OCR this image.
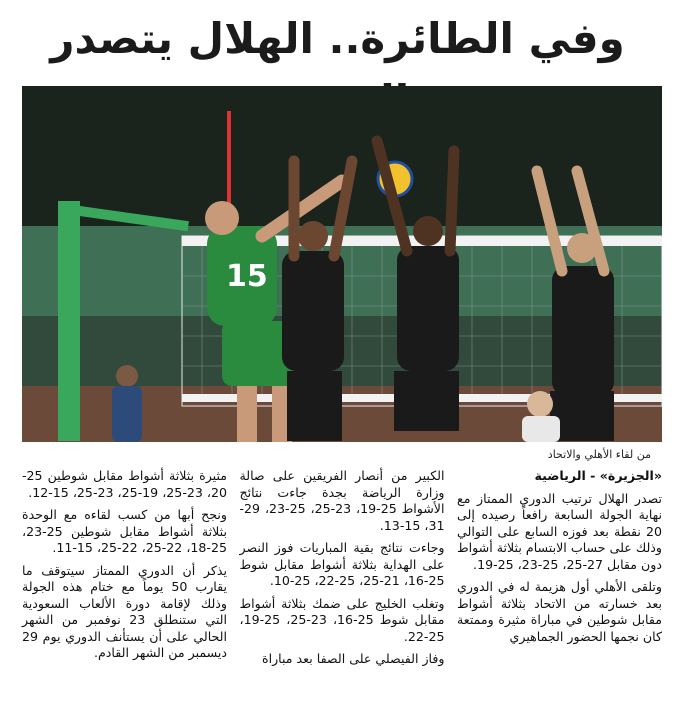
وفي الطائرة.. الهلال يتصدر
15
من لقاء الأهلي والاتحاد
«الجزيرة» - الرياضية

تصدر الهلال ترتيب الدوري الممتاز مع نهاية الجولة السابعة رافعاً رصيده إلى 20 نقطة بعد فوزه السابع على التوالي وذلك على حساب الابتسام بثلاثة أشواط دون مقابل 27-25، 25-23، 25-19.

وتلقى الأهلي أول هزيمة له في الدوري بعد خسارته من الاتحاد بثلاثة أشواط مقابل شوطين في مباراة مثيرة وممتعة كان نجمها الحضور الجماهيري

الكبير من أنصار الفريقين على صالة وزارة الرياضة بجدة جاءت نتائج الأشواط 25-19، 23-25، 25-23، 29-31، 15-13.

وجاءت نتائج بقية المباريات فوز النصر على الهداية بثلاثة أشواط مقابل شوط 25-16، 21-25، 25-22، 25-10.

وتغلب الخليج على ضمك بثلاثة أشواط مقابل شوط 25-16، 23-25، 25-19، 25-22.

وفاز الفيصلي على الصفا بعد مباراة

مثيرة بثلاثة أشواط مقابل شوطين 25-20، 23-25، 19-25، 23-25، 15-12.

ونجح أبها من كسب لقاءه مع الوحدة بثلاثة أشواط مقابل شوطين 25-23، 25-18، 22-25، 22-25، 15-11.

يذكر أن الدوري الممتاز سيتوقف ما يقارب 50 يوماً مع ختام هذه الجولة وذلك لإقامة دورة الألعاب السعودية التي ستنطلق 23 نوفمبر من الشهر الحالي على أن يستأنف الدوري يوم 29 ديسمبر من الشهر القادم.
